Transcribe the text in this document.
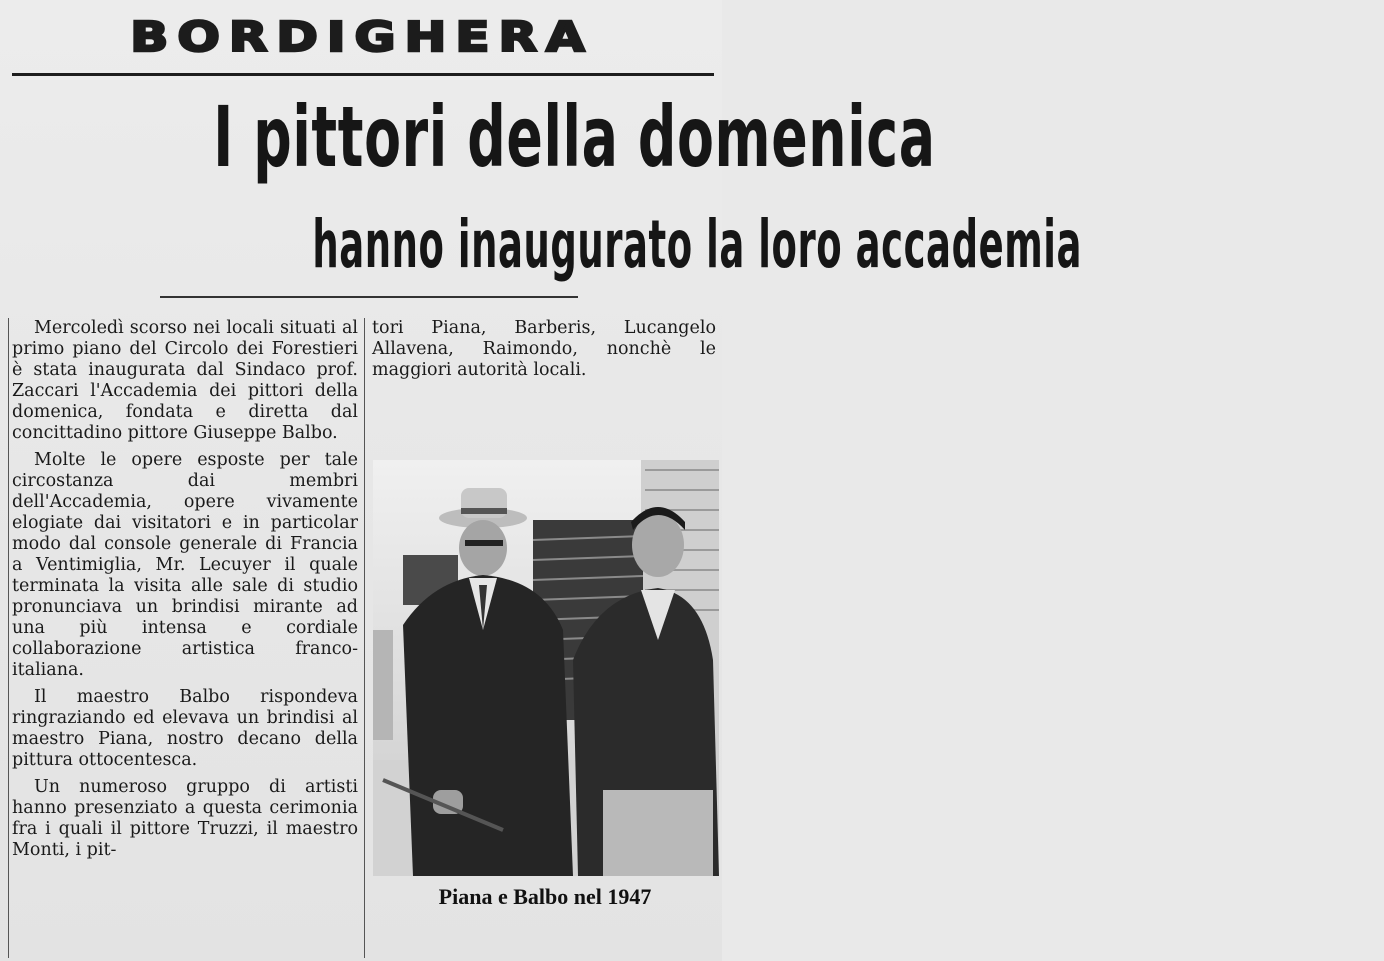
BORDIGHERA
I pittori della domenica
hanno inaugurato la loro accademia

Mercoledì scorso nei locali situati al primo piano del Circolo dei Forestieri è stata inaugurata dal Sindaco prof. Zaccari l'Accademia dei pittori della domenica, fondata e diretta dal concittadino pittore Giuseppe Balbo.

Molte le opere esposte per tale circostanza dai membri dell'Accademia, opere vivamente elogiate dai visitatori e in particolar modo dal console generale di Francia a Ventimiglia, Mr. Lecuyer il quale terminata la visita alle sale di studio pronunciava un brindisi mirante ad una più intensa e cordiale collaborazione artistica franco-italiana.

Il maestro Balbo rispondeva ringraziando ed elevava un brindisi al maestro Piana, nostro decano della pittura ottocentesca.

Un numeroso gruppo di artisti hanno presenziato a questa cerimonia fra i quali il pittore Truzzi, il maestro Monti, i pit-

tori Piana, Barberis, Lucangelo Allavena, Raimondo, nonchè le maggiori autorità locali.

Piana e Balbo nel 1947
